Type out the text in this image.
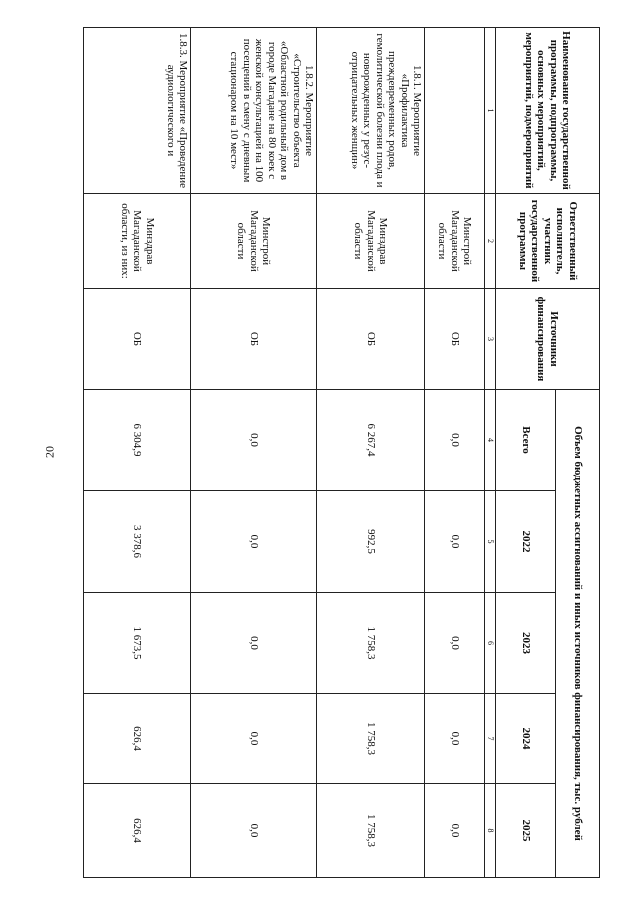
20
Наименование государственной программы, подпрограммы, основных мероприятий, мероприятий, подмероприятий	Ответственный исполнитель, участник государственной программы	Источники финансирования	Объем бюджетных ассигнований и иных источников финансирования, тыс. рублей				
			Всего	2022	2023	2024	2025
1	2	3	4	5	6	7	8
	Минстрой Магаданской области	ОБ	0,0	0,0	0,0	0,0	0,0
1.8.1. Мероприятие «Профилактика преждевременных родов, гемолитической болезни плода и новорожденных у резус-отрицательных женщин»	Минздрав Магаданской области	ОБ	6 267,4	992,5	1 758,3	1 758,3	1 758,3
1.8.2. Мероприятие «Строительство объекта «Областной родильный дом в городе Магадане на 80 коек с женской консультацией на 100 посещений в смену с дневным стационаром на 10 мест»	Минстрой Магаданской области	ОБ	0,0	0,0	0,0	0,0	0,0
1.8.3. Мероприятие «Проведение аудиологического и	Минздрав Магаданской области, из них:	ОБ	6 304,9	3 378,6	1 673,5	626,4	626,4
